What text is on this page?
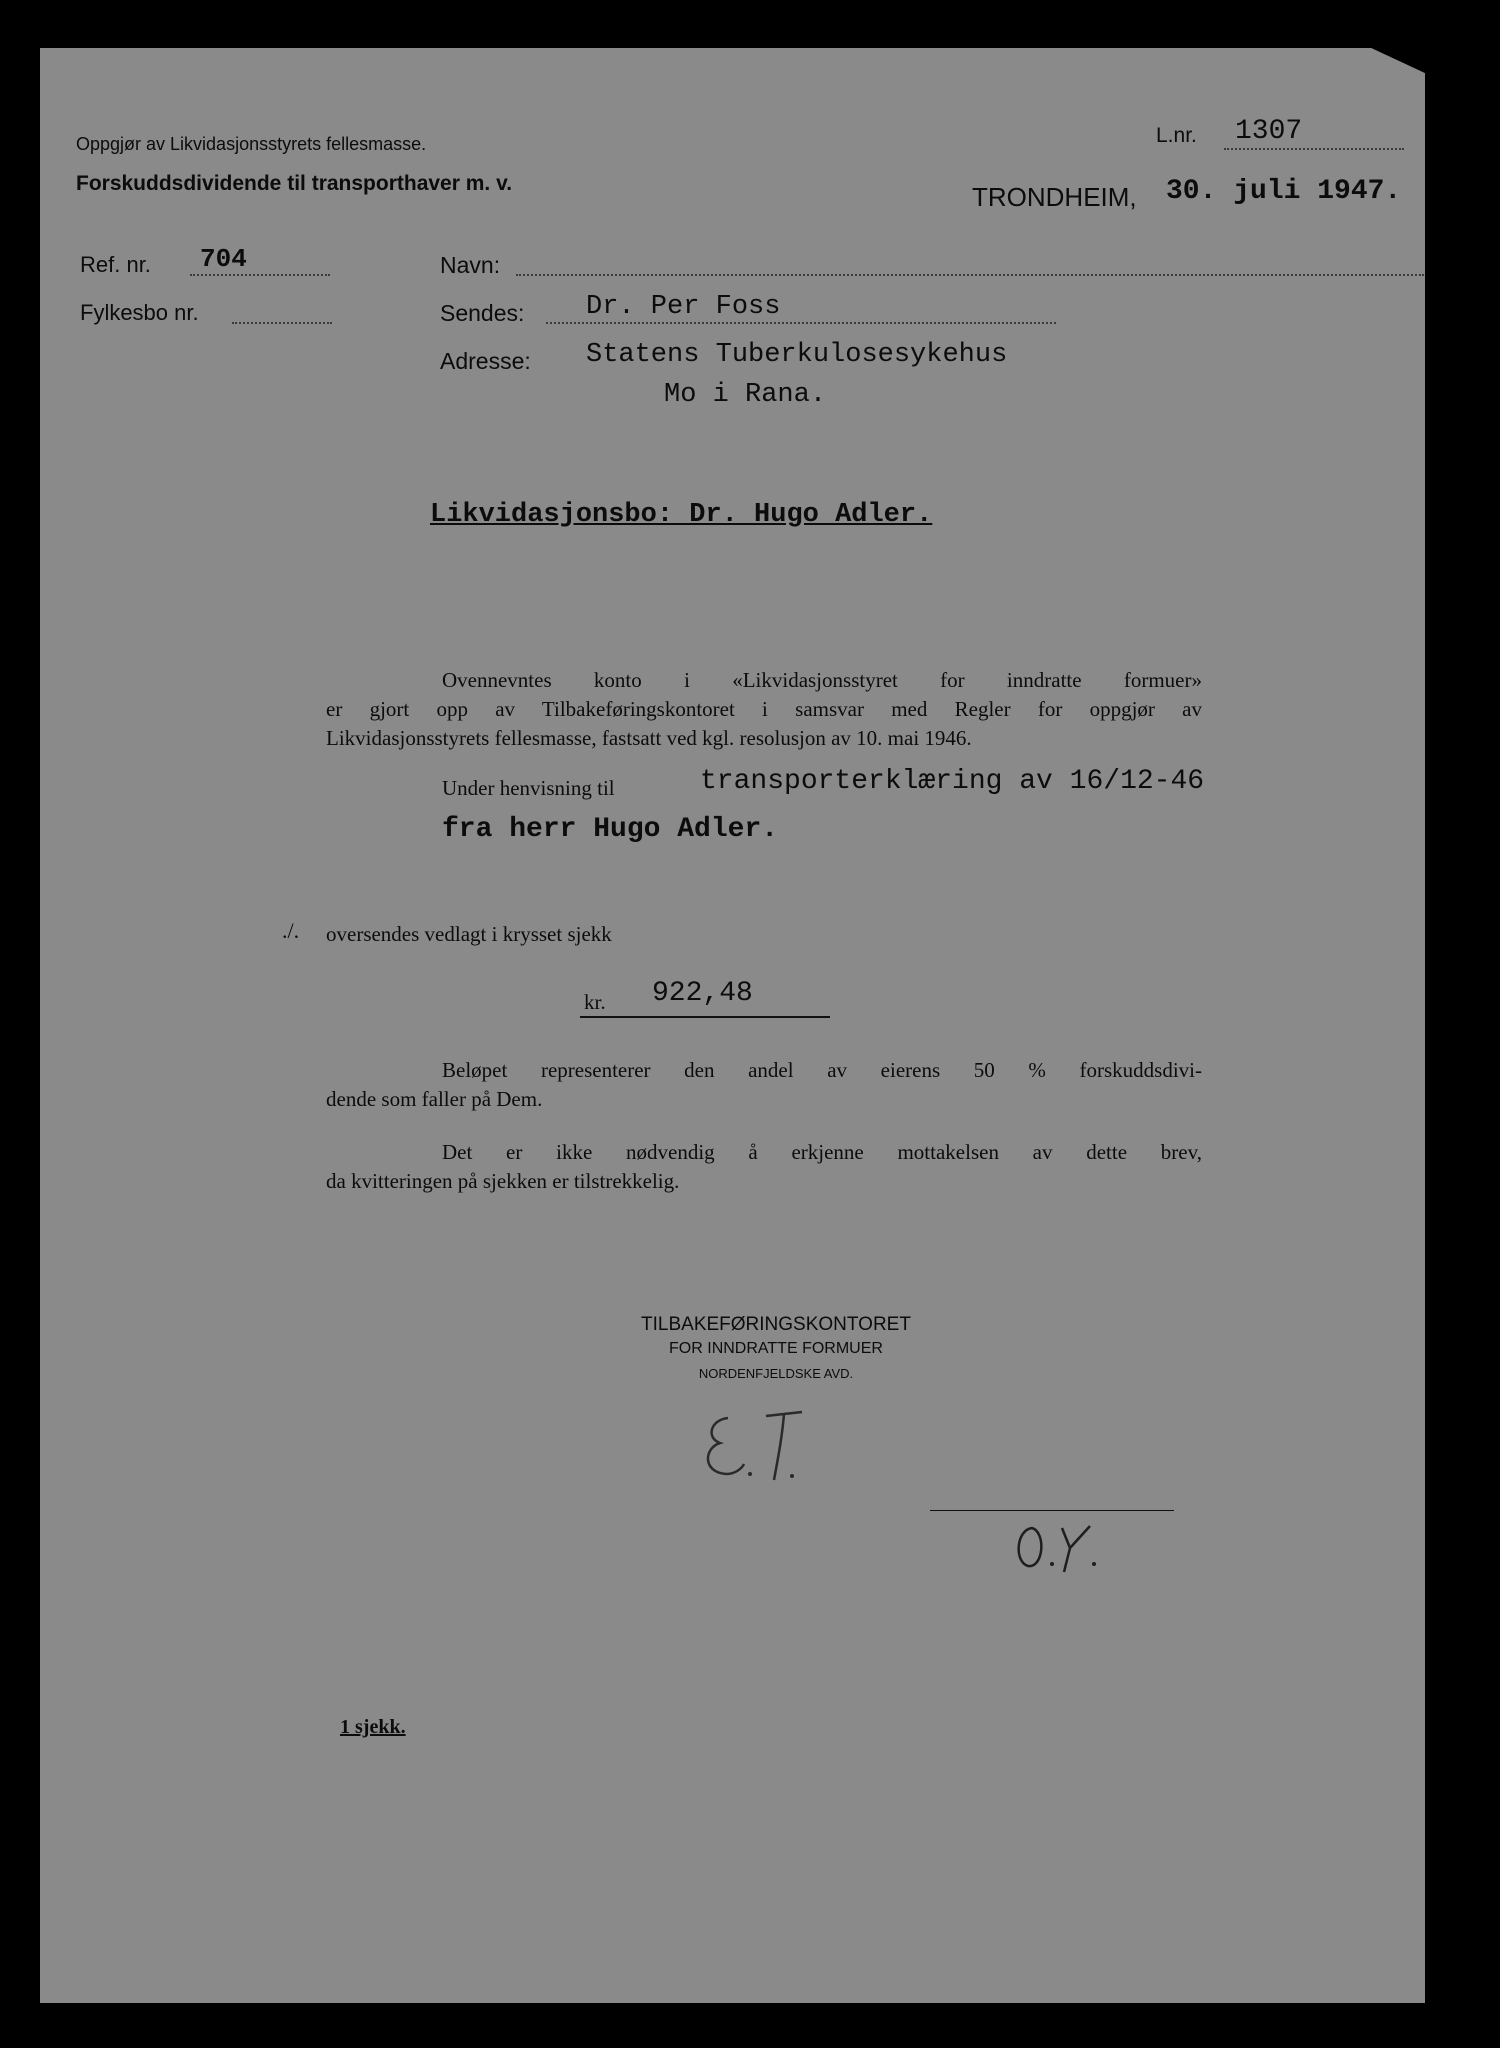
Oppgjør av Likvidasjonsstyrets fellesmasse.
Forskuddsdividende til transporthaver m. v.
L.nr. 1307
TRONDHEIM, 30. juli 1947.
Ref. nr. 704
Fylkesbo nr.
Navn:
Sendes: Dr. Per Foss
Adresse: Statens Tuberkulosesykehus
Mo i Rana.
Likvidasjonsbo: Dr. Hugo Adler.

Ovennevntes konto i «Likvidasjonsstyret for inndratte formuer»

er gjort opp av Tilbakeføringskontoret i samsvar med Regler for oppgjør av

Likvidasjonsstyrets fellesmasse, fastsatt ved kgl. resolusjon av 10. mai 1946.

Under henvisning til	transporterklæring av 16/12-46
fra herr Hugo Adler.
./. oversendes vedlagt i krysset sjekk
kr. 922,48

Beløpet representerer den andel av eierens 50 % forskuddsdivi-

dende som faller på Dem.

Det er ikke nødvendig å erkjenne mottakelsen av dette brev,

da kvitteringen på sjekken er tilstrekkelig.

TILBAKEFØRINGSKONTORET
FOR INNDRATTE FORMUER
NORDENFJELDSKE AVD.
1 sjekk.
